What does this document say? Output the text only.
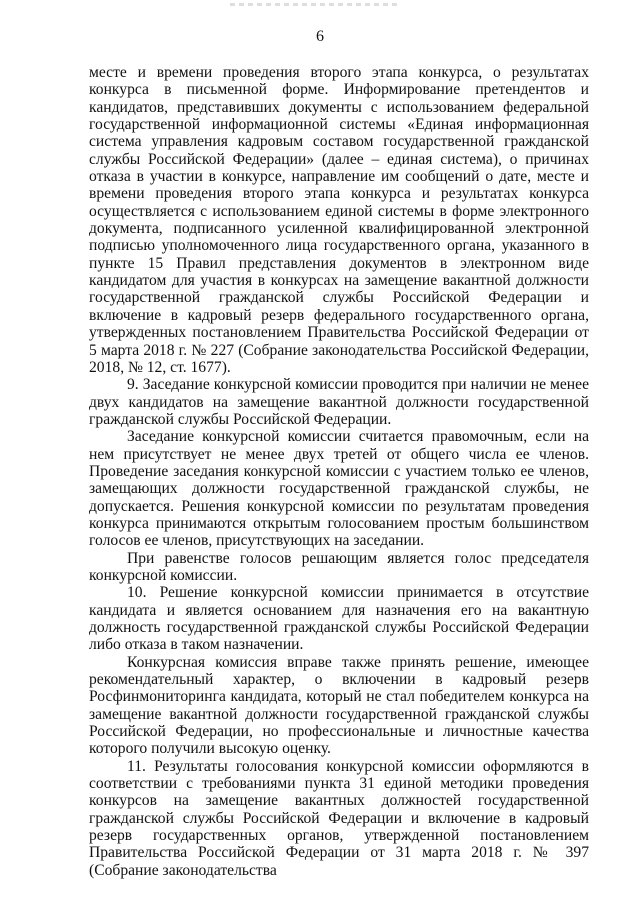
6

месте и времени проведения второго этапа конкурса, о результатах конкурса в письменной форме. Информирование претендентов и кандидатов, представивших документы с использованием федеральной государственной информационной системы «Единая информационная система управления кадровым составом государственной гражданской службы Российской Федерации» (далее – единая система), о причинах отказа в участии в конкурсе, направление им сообщений о дате, месте и времени проведения второго этапа конкурса и результатах конкурса осуществляется с использованием единой системы в форме электронного документа, подписанного усиленной квалифицированной электронной подписью уполномоченного лица государственного органа, указанного в пункте 15 Правил представления документов в электронном виде кандидатом для участия в конкурсах на замещение вакантной должности государственной гражданской службы Российской Федерации и включение в кадровый резерв федерального государственного органа, утвержденных постановлением Правительства Российской Федерации от 5 марта 2018 г. № 227 (Собрание законодательства Российской Федерации, 2018, № 12, ст. 1677).

9. Заседание конкурсной комиссии проводится при наличии не менее двух кандидатов на замещение вакантной должности государственной гражданской службы Российской Федерации.

Заседание конкурсной комиссии считается правомочным, если на нем присутствует не менее двух третей от общего числа ее членов. Проведение заседания конкурсной комиссии с участием только ее членов, замещающих должности государственной гражданской службы, не допускается. Решения конкурсной комиссии по результатам проведения конкурса принимаются открытым голосованием простым большинством голосов ее членов, присутствующих на заседании.

При равенстве голосов решающим является голос председателя конкурсной комиссии.

10. Решение конкурсной комиссии принимается в отсутствие кандидата и является основанием для назначения его на вакантную должность государственной гражданской службы Российской Федерации либо отказа в таком назначении.

Конкурсная комиссия вправе также принять решение, имеющее рекомендательный характер, о включении в кадровый резерв Росфинмониторинга кандидата, который не стал победителем конкурса на замещение вакантной должности государственной гражданской службы Российской Федерации, но профессиональные и личностные качества которого получили высокую оценку.

11. Результаты голосования конкурсной комиссии оформляются в соответствии с требованиями пункта 31 единой методики проведения конкурсов на замещение вакантных должностей государственной гражданской службы Российской Федерации и включение в кадровый резерв государственных органов, утвержденной постановлением Правительства Российской Федерации от 31 марта 2018 г. № 397 (Собрание законодательства
